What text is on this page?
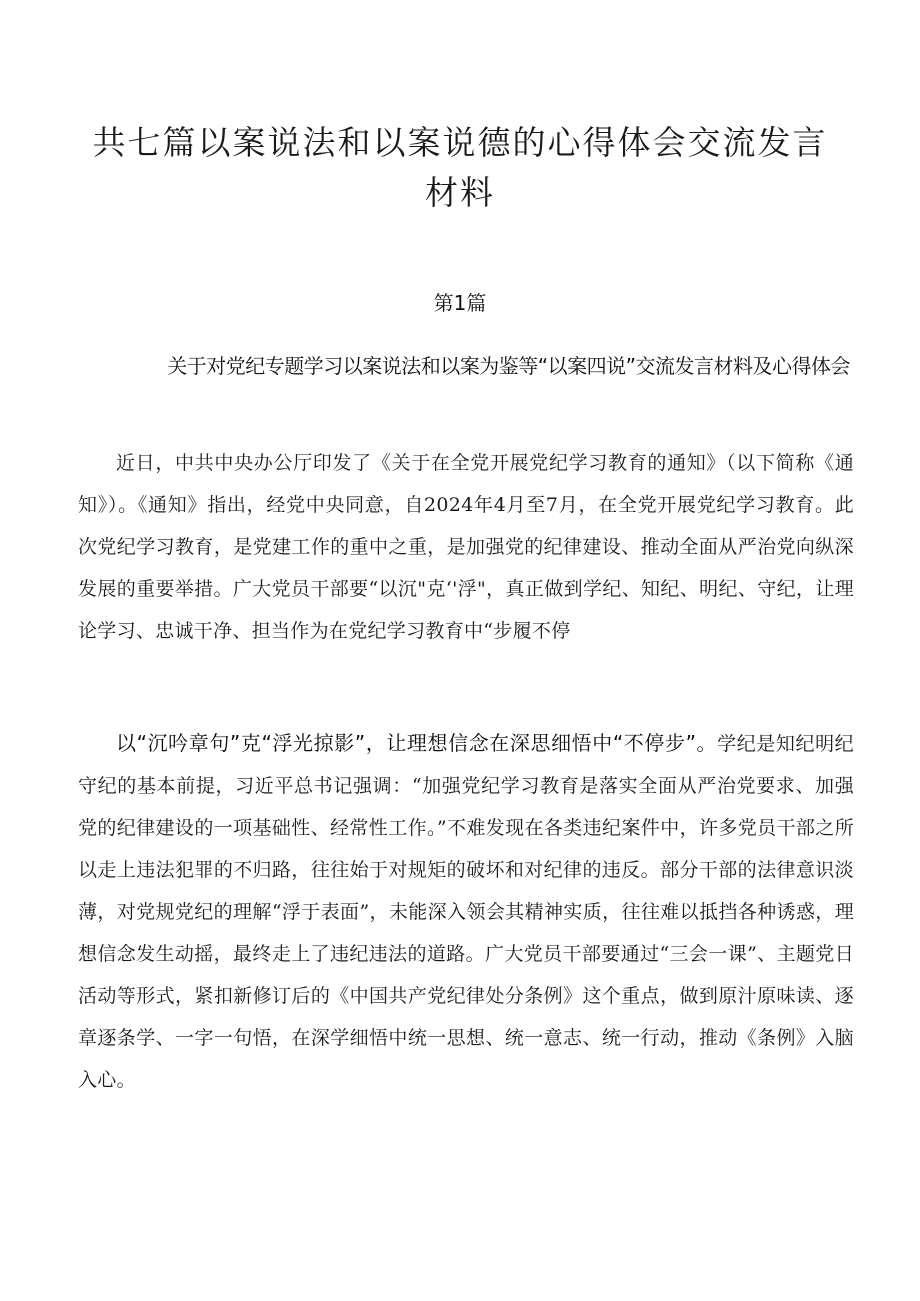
共七篇以案说法和以案说德的心得体会交流发言材料
第1篇
关于对党纪专题学习以案说法和以案为鉴等“以案四说”交流发言材料及心得体会

近日，中共中央办公厅印发了《关于在全党开展党纪学习教育的通知》（以下简称《通知》）。《通知》指出，经党中央同意，自2024年4月至7月，在全党开展党纪学习教育。此次党纪学习教育，是党建工作的重中之重，是加强党的纪律建设、推动全面从严治党向纵深发展的重要举措。广大党员干部要“以沉"克‘'浮"，真正做到学纪、知纪、明纪、守纪，让理论学习、忠诚干净、担当作为在党纪学习教育中“步履不停

以“沉吟章句”克“浮光掠影”，让理想信念在深思细悟中“不停步”。学纪是知纪明纪守纪的基本前提，习近平总书记强调：“加强党纪学习教育是落实全面从严治党要求、加强党的纪律建设的一项基础性、经常性工作。”不难发现在各类违纪案件中，许多党员干部之所以走上违法犯罪的不归路，往往始于对规矩的破坏和对纪律的违反。部分干部的法律意识淡薄，对党规党纪的理解“浮于表面”，未能深入领会其精神实质，往往难以抵挡各种诱惑，理想信念发生动摇，最终走上了违纪违法的道路。广大党员干部要通过“三会一课”、主题党日活动等形式，紧扣新修订后的《中国共产党纪律处分条例》这个重点，做到原汁原味读、逐章逐条学、一字一句悟，在深学细悟中统一思想、统一意志、统一行动，推动《条例》入脑入心。
